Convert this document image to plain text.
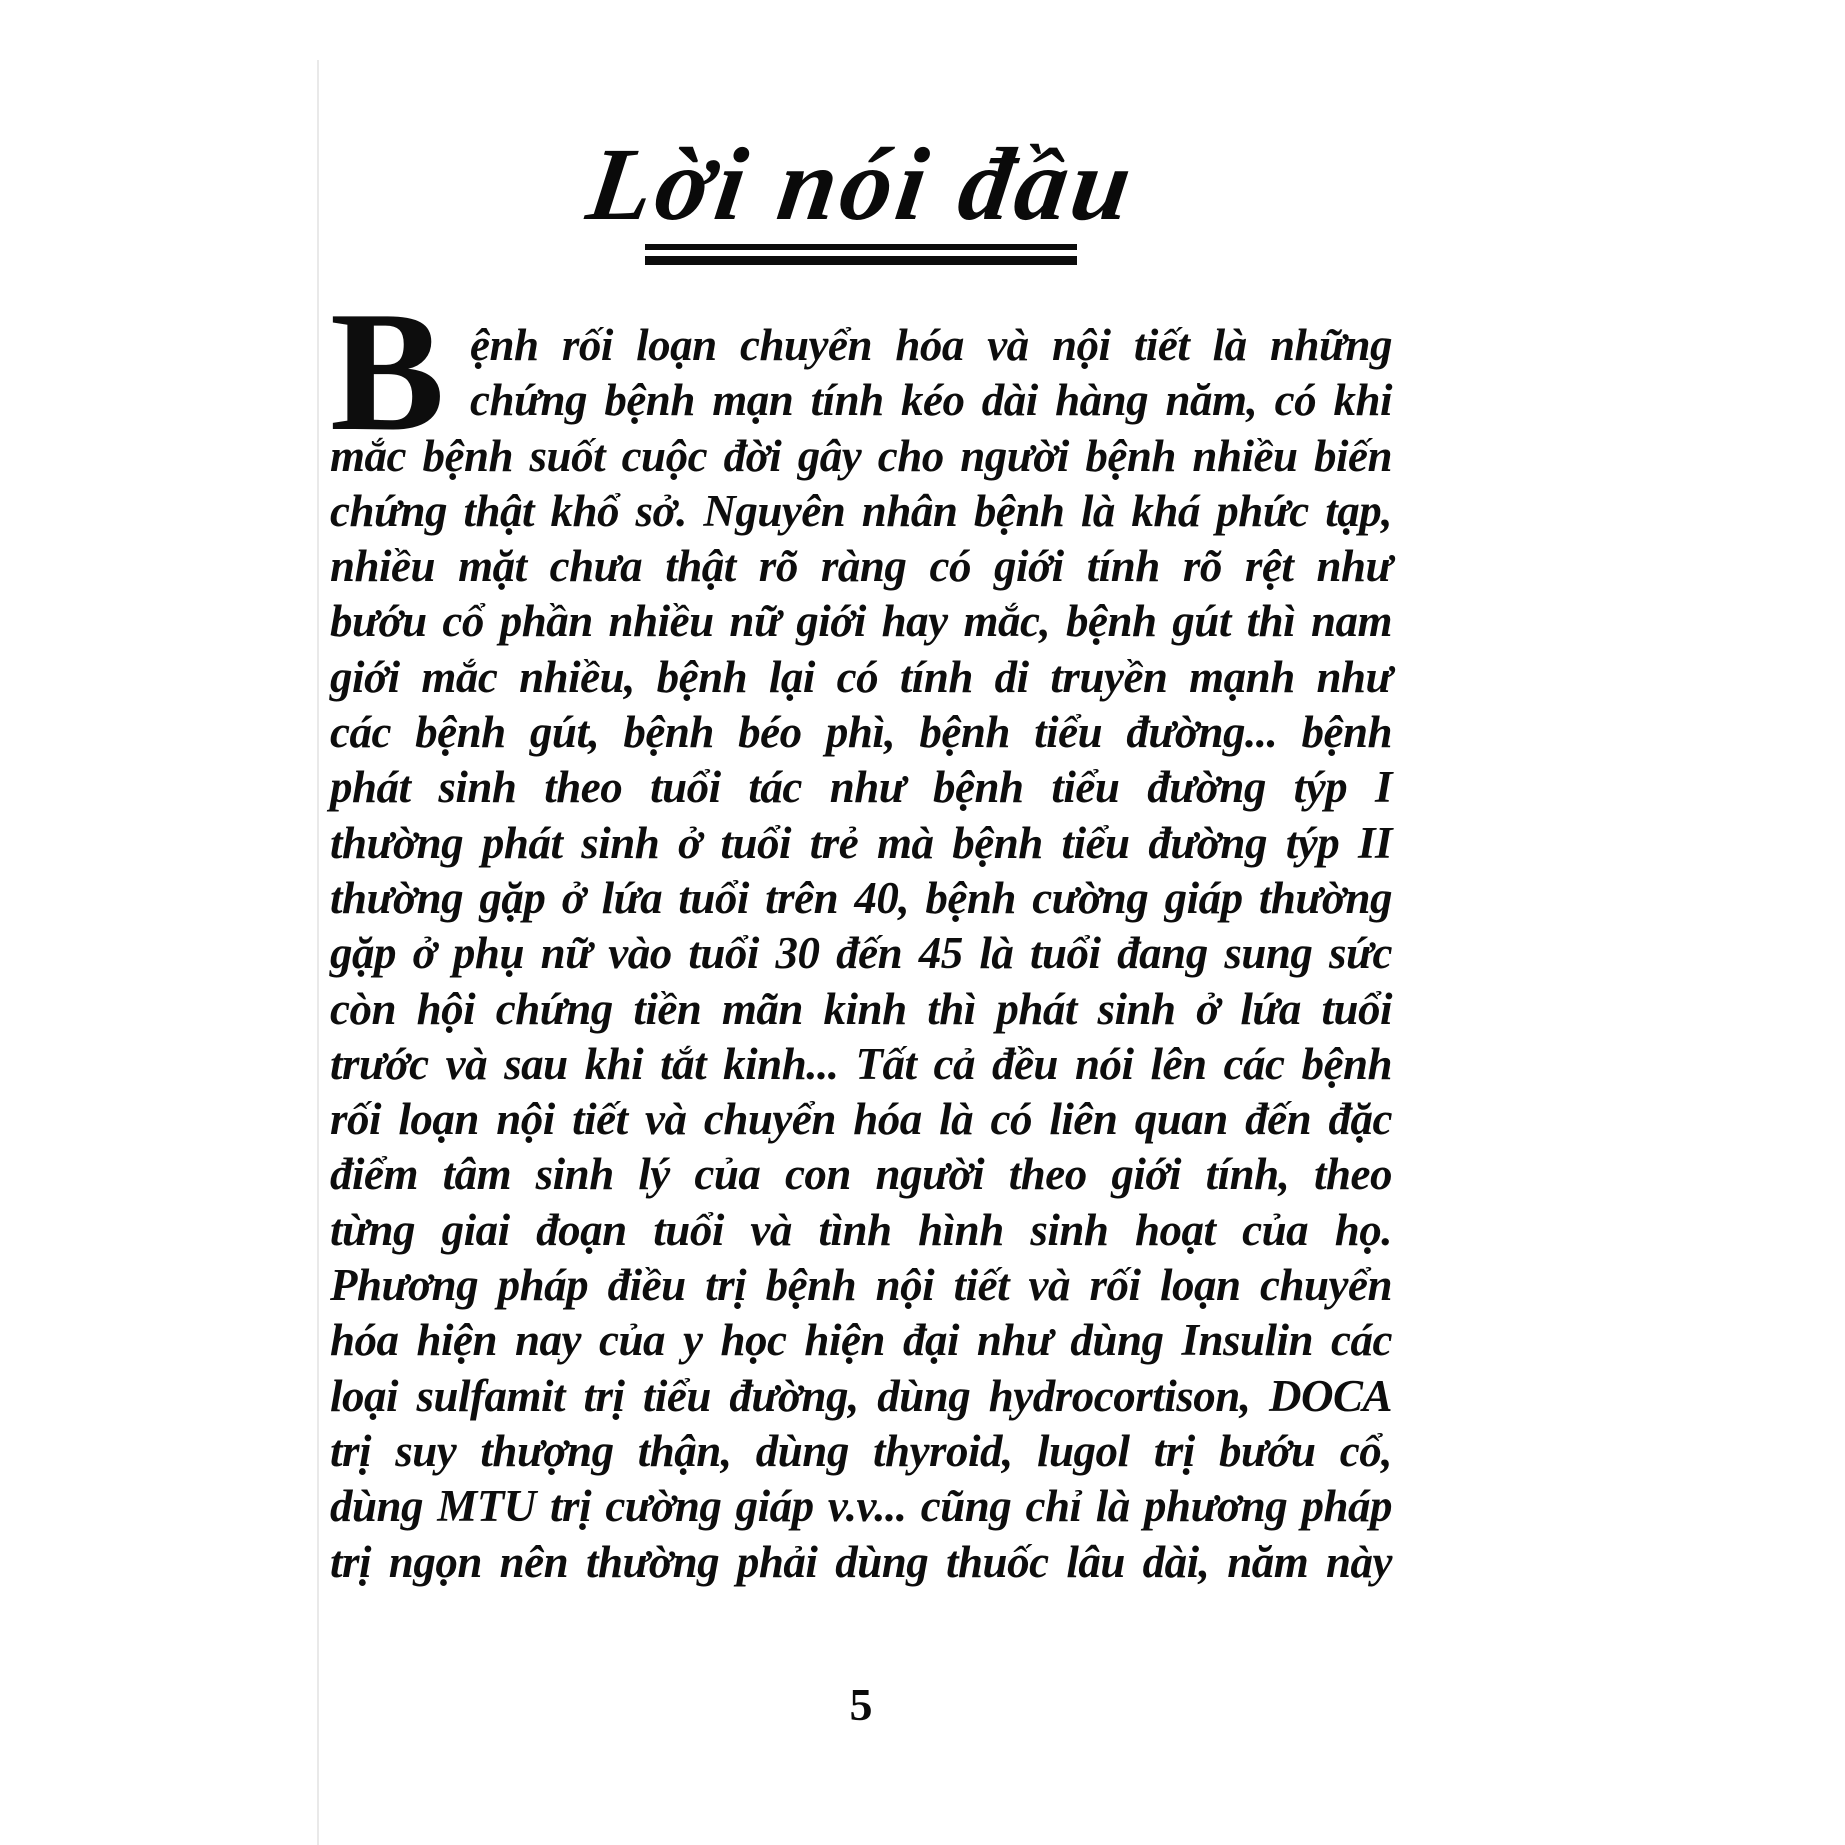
Lời nói đầu
B ệnh rối loạn chuyển hóa và nội tiết là những
chứng bệnh mạn tính kéo dài hàng năm, có khi
mắc bệnh suốt cuộc đời gây cho người bệnh nhiều biến
chứng thật khổ sở. Nguyên nhân bệnh là khá phức tạp,
nhiều mặt chưa thật rõ ràng có giới tính rõ rệt như
bướu cổ phần nhiều nữ giới hay mắc, bệnh gút thì nam
giới mắc nhiều, bệnh lại có tính di truyền mạnh như
các bệnh gút, bệnh béo phì, bệnh tiểu đường... bệnh
phát sinh theo tuổi tác như bệnh tiểu đường týp I
thường phát sinh ở tuổi trẻ mà bệnh tiểu đường týp II
thường gặp ở lứa tuổi trên 40, bệnh cường giáp thường
gặp ở phụ nữ vào tuổi 30 đến 45 là tuổi đang sung sức
còn hội chứng tiền mãn kinh thì phát sinh ở lứa tuổi
trước và sau khi tắt kinh... Tất cả đều nói lên các bệnh
rối loạn nội tiết và chuyển hóa là có liên quan đến đặc
điểm tâm sinh lý của con người theo giới tính, theo
từng giai đoạn tuổi và tình hình sinh hoạt của họ.
Phương pháp điều trị bệnh nội tiết và rối loạn chuyển
hóa hiện nay của y học hiện đại như dùng Insulin các
loại sulfamit trị tiểu đường, dùng hydrocortison, DOCA
trị suy thượng thận, dùng thyroid, lugol trị bướu cổ,
dùng MTU trị cường giáp v.v... cũng chỉ là phương pháp
trị ngọn nên thường phải dùng thuốc lâu dài, năm này
5
